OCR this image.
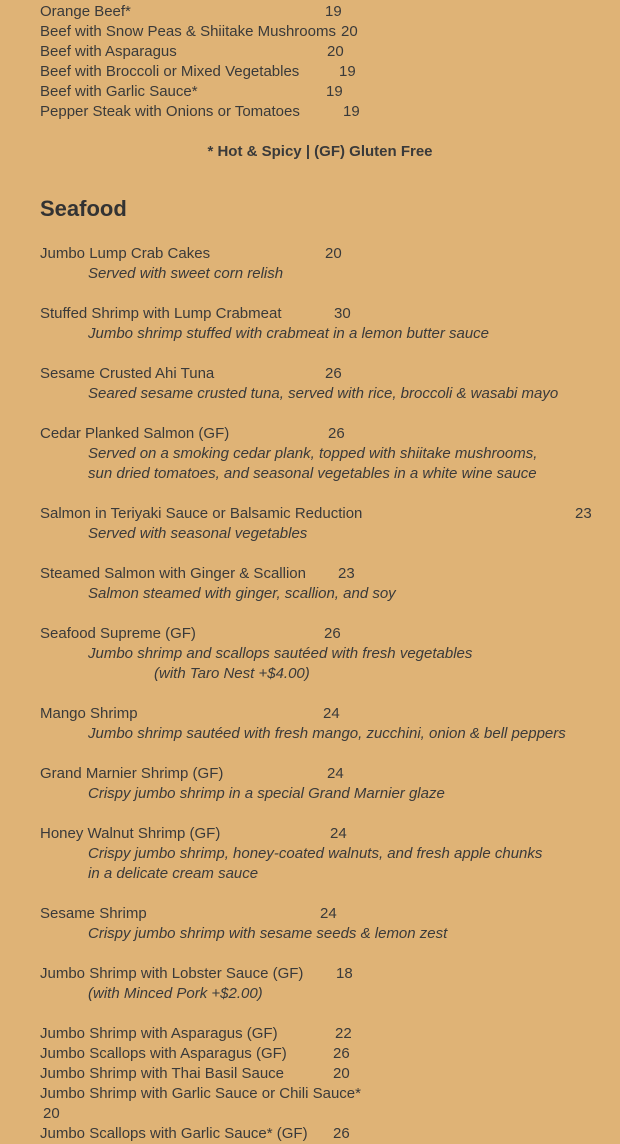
Orange Beef*	19
Beef with Snow Peas & Shiitake Mushrooms 20
Beef with Asparagus	20
Beef with Broccoli or Mixed Vegetables	19
Beef with Garlic Sauce*	19
Pepper Steak with Onions or Tomatoes	19
* Hot & Spicy | (GF) Gluten Free
Seafood
Jumbo Lump Crab Cakes	20
Served with sweet corn relish
Stuffed Shrimp with Lump Crabmeat	30
Jumbo shrimp stuffed with crabmeat in a lemon butter sauce
Sesame Crusted Ahi Tuna	26
Seared sesame crusted tuna, served with rice, broccoli & wasabi mayo
Cedar Planked Salmon (GF)	26
Served on a smoking cedar plank, topped with shiitake mushrooms,
sun dried tomatoes, and seasonal vegetables in a white wine sauce
Salmon in Teriyaki Sauce or Balsamic Reduction	23
Served with seasonal vegetables
Steamed Salmon with Ginger & Scallion 23
Salmon steamed with ginger, scallion, and soy
Seafood Supreme (GF)	26
Jumbo shrimp and scallops sautéed with fresh vegetables
(with Taro Nest +$4.00)
Mango Shrimp	24
Jumbo shrimp sautéed with fresh mango, zucchini, onion & bell peppers
Grand Marnier Shrimp (GF)	24
Crispy jumbo shrimp in a special Grand Marnier glaze
Honey Walnut Shrimp (GF)	24
Crispy jumbo shrimp, honey-coated walnuts, and fresh apple chunks
in a delicate cream sauce
Sesame Shrimp	24
Crispy jumbo shrimp with sesame seeds & lemon zest
Jumbo Shrimp with Lobster Sauce (GF) 18
(with Minced Pork +$2.00)
Jumbo Shrimp with Asparagus (GF)	22
Jumbo Scallops with Asparagus (GF)	26
Jumbo Shrimp with Thai Basil Sauce	20
Jumbo Shrimp with Garlic Sauce or Chili Sauce*
20
Jumbo Scallops with Garlic Sauce* (GF) 26
